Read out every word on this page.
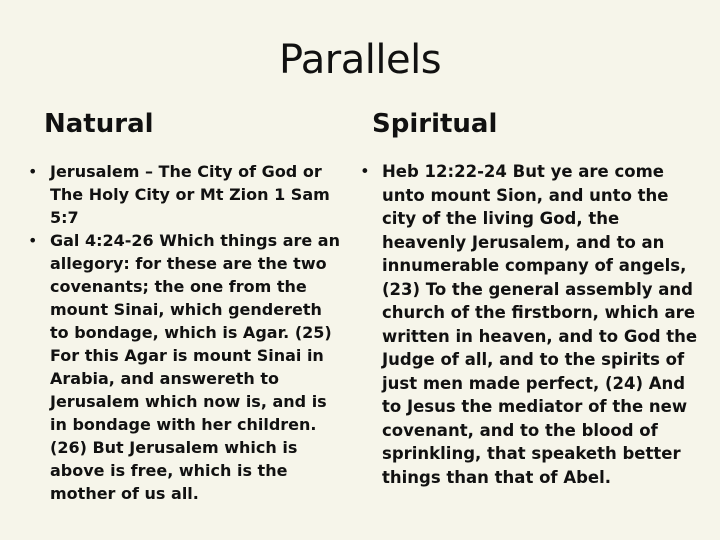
Parallels
Natural	Spiritual
• Jerusalem – The City of God or The Holy City or Mt Zion 1 Sam 5:7
• Gal 4:24-26 Which things are an allegory: for these are the two covenants; the one from the mount Sinai, which gendereth to bondage, which is Agar. (25) For this Agar is mount Sinai in Arabia, and answereth to Jerusalem which now is, and is in bondage with her children. (26) But Jerusalem which is above is free, which is the mother of us all.
• Heb 12:22-24 But ye are come unto mount Sion, and unto the city of the living God, the heavenly Jerusalem, and to an innumerable company of angels, (23) To the general assembly and church of the firstborn, which are written in heaven, and to God the Judge of all, and to the spirits of just men made perfect, (24) And to Jesus the mediator of the new covenant, and to the blood of sprinkling, that speaketh better things than that of Abel.
